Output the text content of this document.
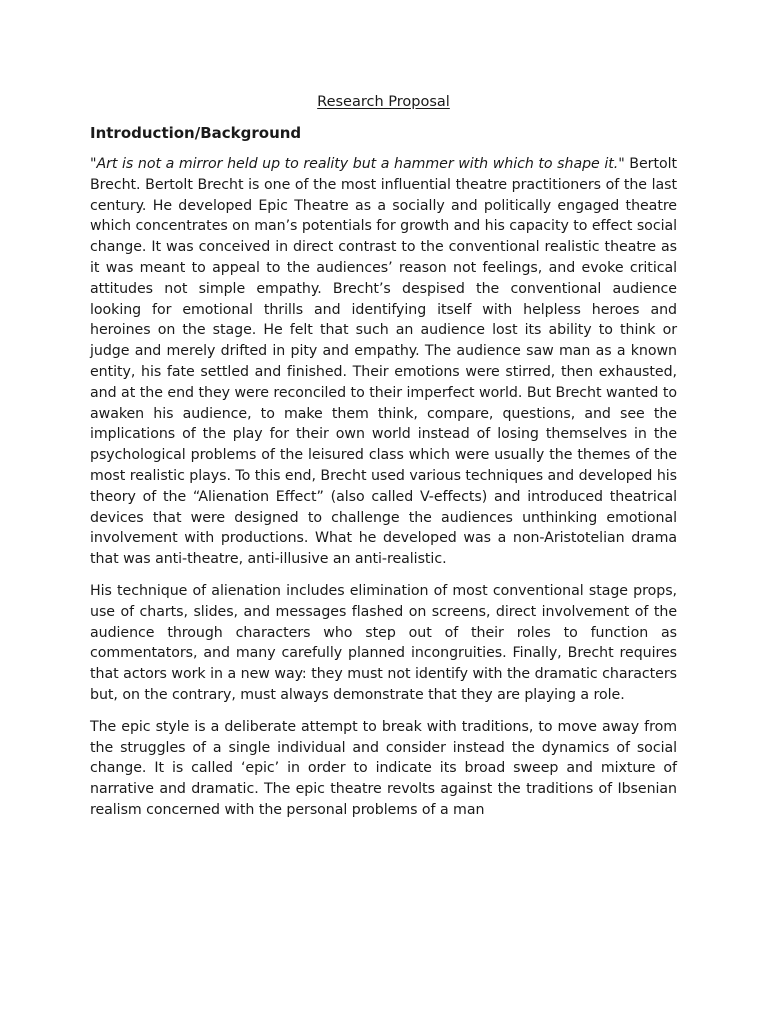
Research Proposal
Introduction/Background

"Art is not a mirror held up to reality but a hammer with which to shape it." Bertolt Brecht. Bertolt Brecht is one of the most influential theatre practitioners of the last century. He developed Epic Theatre as a socially and politically engaged theatre which concentrates on man’s potentials for growth and his capacity to effect social change. It was conceived in direct contrast to the conventional realistic theatre as it was meant to appeal to the audiences’ reason not feelings, and evoke critical attitudes not simple empathy. Brecht’s despised the conventional audience looking for emotional thrills and identifying itself with helpless heroes and heroines on the stage. He felt that such an audience lost its ability to think or judge and merely drifted in pity and empathy. The audience saw man as a known entity, his fate settled and finished. Their emotions were stirred, then exhausted, and at the end they were reconciled to their imperfect world. But Brecht wanted to awaken his audience, to make them think, compare, questions, and see the implications of the play for their own world instead of losing themselves in the psychological problems of the leisured class which were usually the themes of the most realistic plays. To this end, Brecht used various techniques and developed his theory of the “Alienation Effect” (also called V-effects) and introduced theatrical devices that were designed to challenge the audiences unthinking emotional involvement with productions. What he developed was a non-Aristotelian drama that was anti-theatre, anti-illusive an anti-realistic.

His technique of alienation includes elimination of most conventional stage props, use of charts, slides, and messages flashed on screens, direct involvement of the audience through characters who step out of their roles to function as commentators, and many carefully planned incongruities. Finally, Brecht requires that actors work in a new way: they must not identify with the dramatic characters but, on the contrary, must always demonstrate that they are playing a role.

The epic style is a deliberate attempt to break with traditions, to move away from the struggles of a single individual and consider instead the dynamics of social change. It is called ‘epic’ in order to indicate its broad sweep and mixture of narrative and dramatic. The epic theatre revolts against the traditions of Ibsenian realism concerned with the personal problems of a man
